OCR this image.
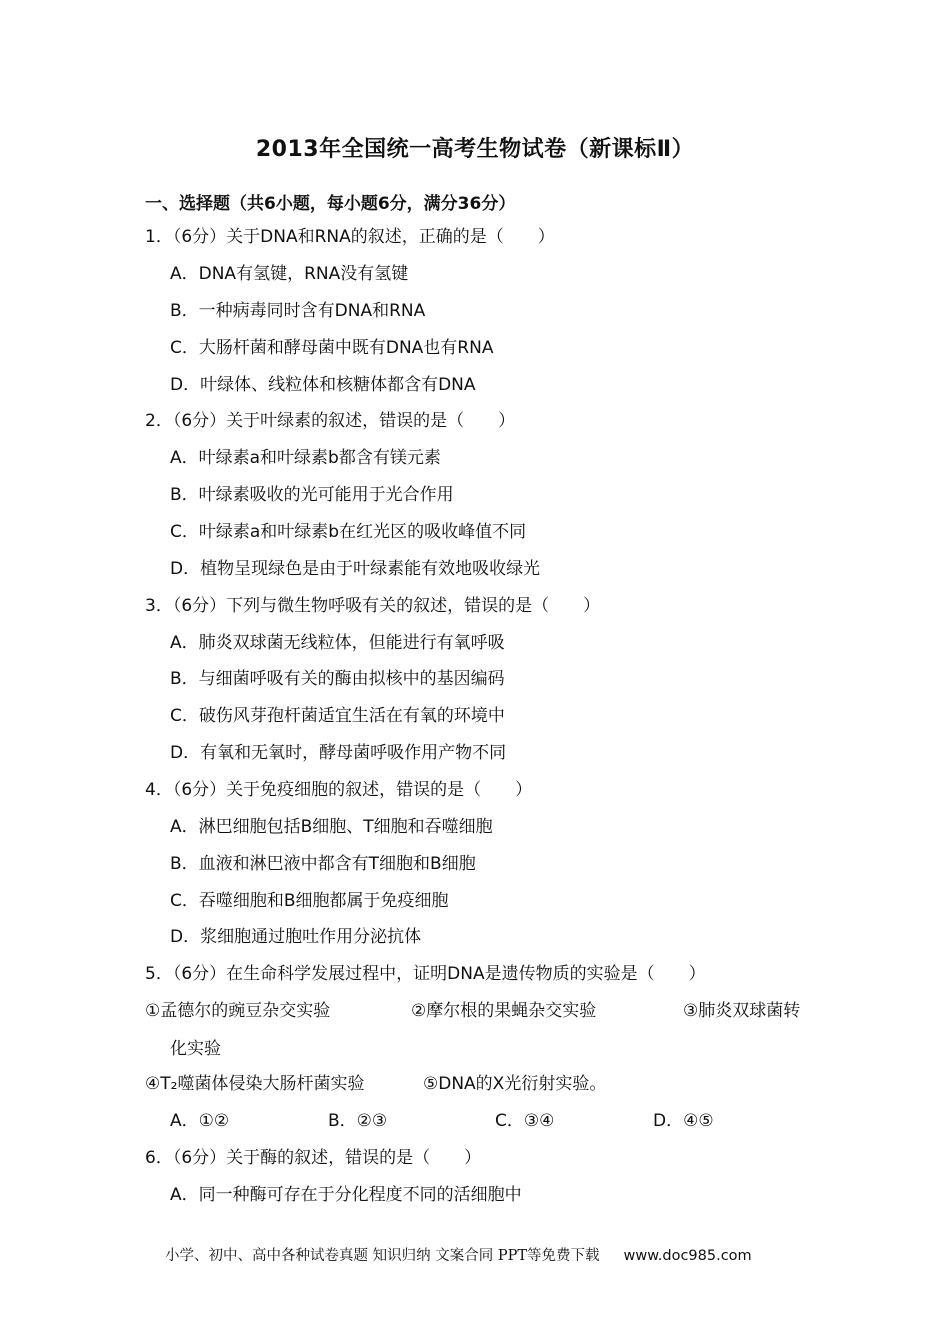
2013年全国统一高考生物试卷（新课标Ⅱ）
一、选择题（共6小题，每小题6分，满分36分）
1．（6分）关于DNA和RNA的叙述，正确的是（　　）
A．DNA有氢键，RNA没有氢键
B．一种病毒同时含有DNA和RNA
C．大肠杆菌和酵母菌中既有DNA也有RNA
D．叶绿体、线粒体和核糖体都含有DNA
2．（6分）关于叶绿素的叙述，错误的是（　　）
A．叶绿素a和叶绿素b都含有镁元素
B．叶绿素吸收的光可能用于光合作用
C．叶绿素a和叶绿素b在红光区的吸收峰值不同
D．植物呈现绿色是由于叶绿素能有效地吸收绿光
3．（6分）下列与微生物呼吸有关的叙述，错误的是（　　）
A．肺炎双球菌无线粒体，但能进行有氧呼吸
B．与细菌呼吸有关的酶由拟核中的基因编码
C．破伤风芽孢杆菌适宜生活在有氧的环境中
D．有氧和无氧时，酵母菌呼吸作用产物不同
4．（6分）关于免疫细胞的叙述，错误的是（　　）
A．淋巴细胞包括B细胞、T细胞和吞噬细胞
B．血液和淋巴液中都含有T细胞和B细胞
C．吞噬细胞和B细胞都属于免疫细胞
D．浆细胞通过胞吐作用分泌抗体
5．（6分）在生命科学发展过程中，证明DNA是遗传物质的实验是（　　）
①孟德尔的豌豆杂交实验	②摩尔根的果蝇杂交实验	③肺炎双球菌转
化实验
④T₂噬菌体侵染大肠杆菌实验	⑤DNA的X光衍射实验。
A．①②	B．②③	C．③④	D．④⑤
6．（6分）关于酶的叙述，错误的是（　　）
A．同一种酶可存在于分化程度不同的活细胞中
小学、初中、高中各种试卷真题 知识归纳 文案合同 PPT等免费下载 www.doc985.com
